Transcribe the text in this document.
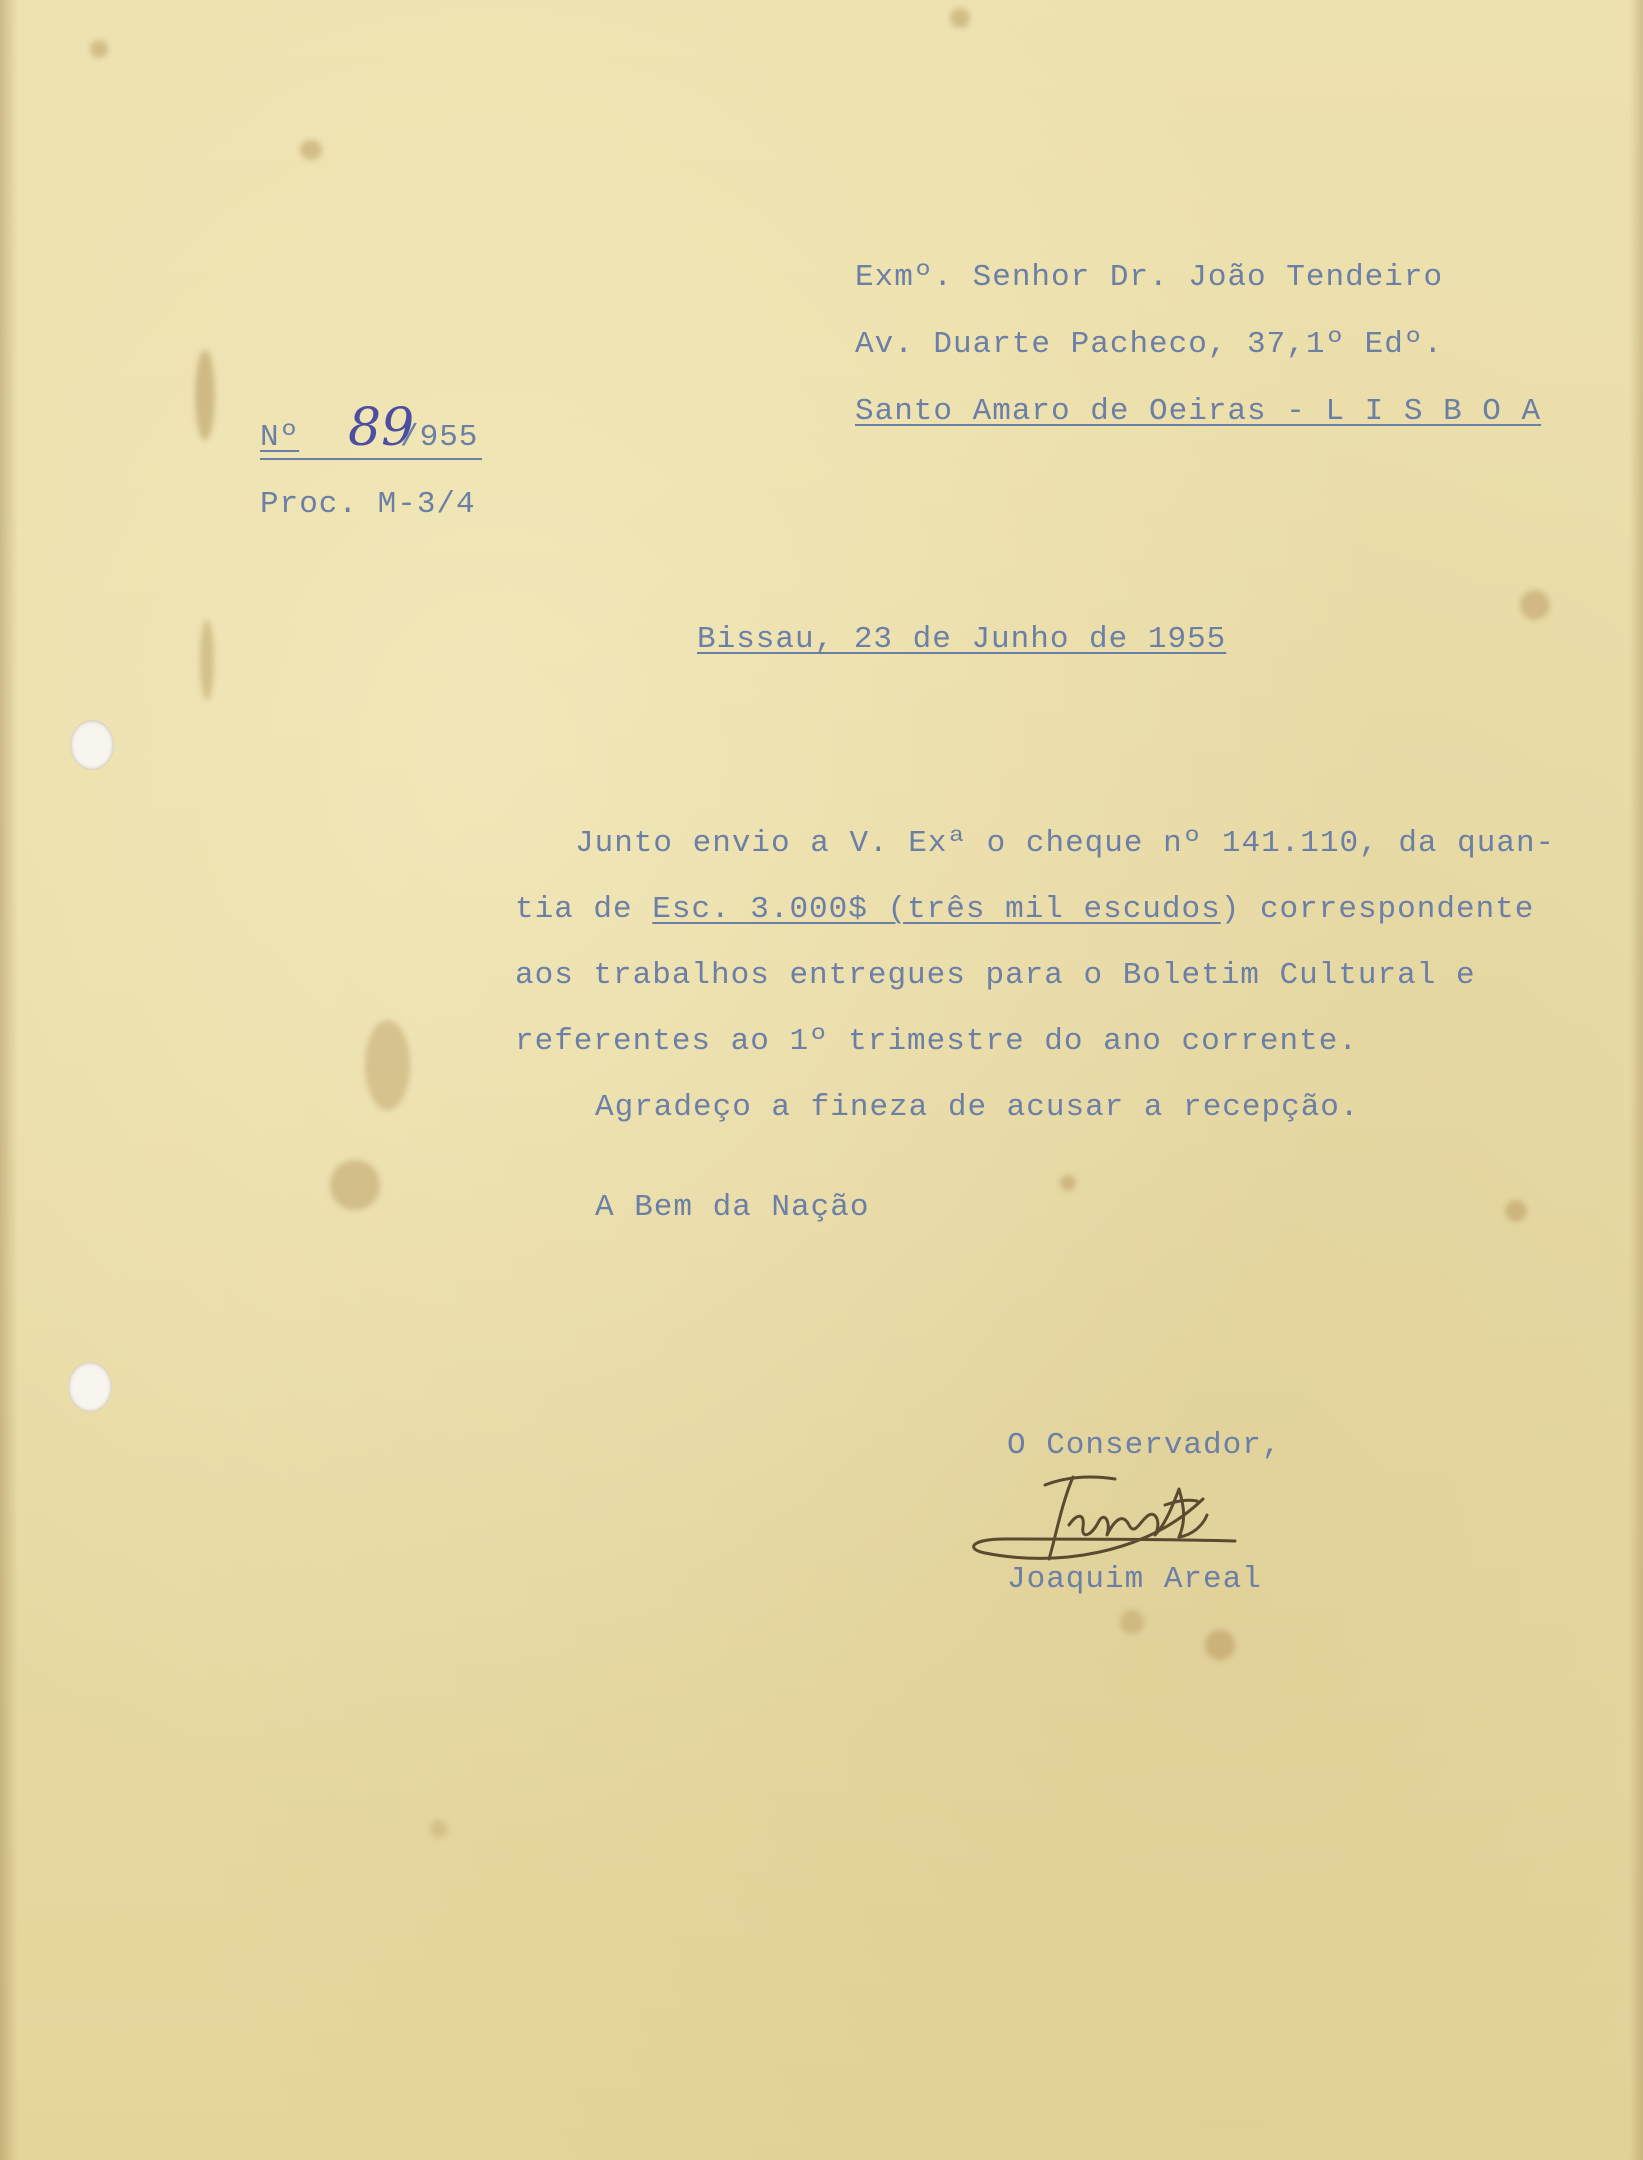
Exmº. Senhor Dr. João Tendeiro
Av. Duarte Pacheco, 37,1º Edº.
Santo Amaro de Oeiras - L I S B O A
Nº 89
/955
Proc. M-3/4
Bissau, 23 de Junho de 1955
Junto envio a V. Exª o cheque nº 141.110, da quan-
tia de Esc. 3.000$ (três mil escudos) correspondente
aos trabalhos entregues para o Boletim Cultural e
referentes ao 1º trimestre do ano corrente.
Agradeço a fineza de acusar a recepção.
A Bem da Nação
O Conservador,
Joaquim Areal
